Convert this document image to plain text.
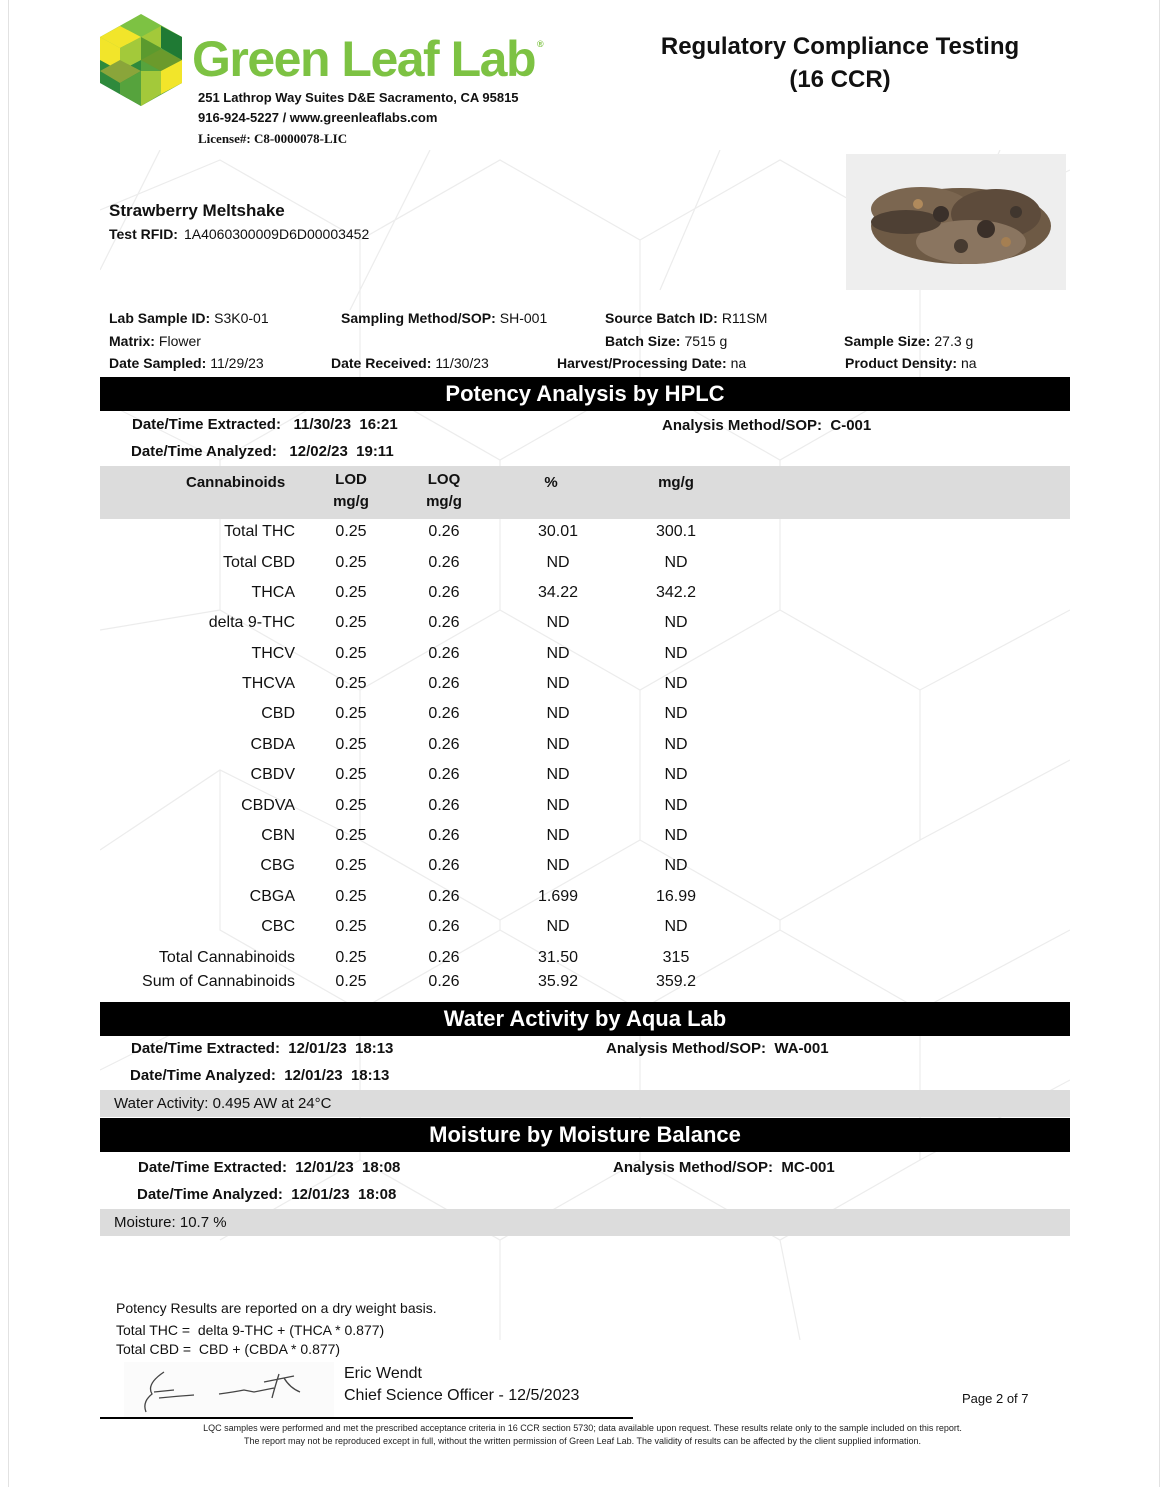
Green Leaf Lab ®
251 Lathrop Way Suites D&E Sacramento, CA 95815
916-924-5227 / www.greenleaflabs.com
License#: C8-0000078-LIC
Regulatory Compliance Testing
(16 CCR)
Strawberry Meltshake
Test RFID: 1A4060300009D6D00003452
Lab Sample ID: S3K0-01	Sampling Method/SOP: SH-001	Source Batch ID: R11SM
Matrix: Flower	Batch Size: 7515 g	Sample Size: 27.3 g
Date Sampled: 11/29/23	Date Received: 11/30/23	Harvest/Processing Date: na	Product Density: na
Potency Analysis by HPLC
Date/Time Extracted: 11/30/23  16:21
Date/Time Analyzed: 12/02/23  19:11
Analysis Method/SOP: C-001
Cannabinoids	LOD
mg/g
LOQ
mg/g
%	mg/g
Total THC	0.25	0.26	30.01	300.1
Total CBD	0.25	0.26	ND	ND
THCA	0.25	0.26	34.22	342.2
delta 9-THC	0.25	0.26	ND	ND
THCV	0.25	0.26	ND	ND
THCVA	0.25	0.26	ND	ND
CBD	0.25	0.26	ND	ND
CBDA	0.25	0.26	ND	ND
CBDV	0.25	0.26	ND	ND
CBDVA	0.25	0.26	ND	ND
CBN	0.25	0.26	ND	ND
CBG	0.25	0.26	ND	ND
CBGA	0.25	0.26	1.699	16.99
CBC	0.25	0.26	ND	ND
Total Cannabinoids	0.25	0.26	31.50	315
Sum of Cannabinoids	0.25	0.26	35.92	359.2
Water Activity by Aqua Lab
Date/Time Extracted: 12/01/23  18:13
Date/Time Analyzed: 12/01/23  18:13
Analysis Method/SOP: WA-001
Water Activity: 0.495 AW at 24°C
Moisture by Moisture Balance
Date/Time Extracted: 12/01/23  18:08
Date/Time Analyzed: 12/01/23  18:08
Analysis Method/SOP: MC-001
Moisture: 10.7 %
Potency Results are reported on a dry weight basis.
Total THC =  delta 9-THC + (THCA * 0.877)
Total CBD =  CBD + (CBDA * 0.877)
Eric Wendt
Chief Science Officer - 12/5/2023	Page 2 of 7
LQC samples were performed and met the prescribed acceptance criteria in 16 CCR section 5730; data available upon request. These results relate only to the sample included on this report.
The report may not be reproduced except in full, without the written permission of Green Leaf Lab. The validity of results can be affected by the client supplied information.
